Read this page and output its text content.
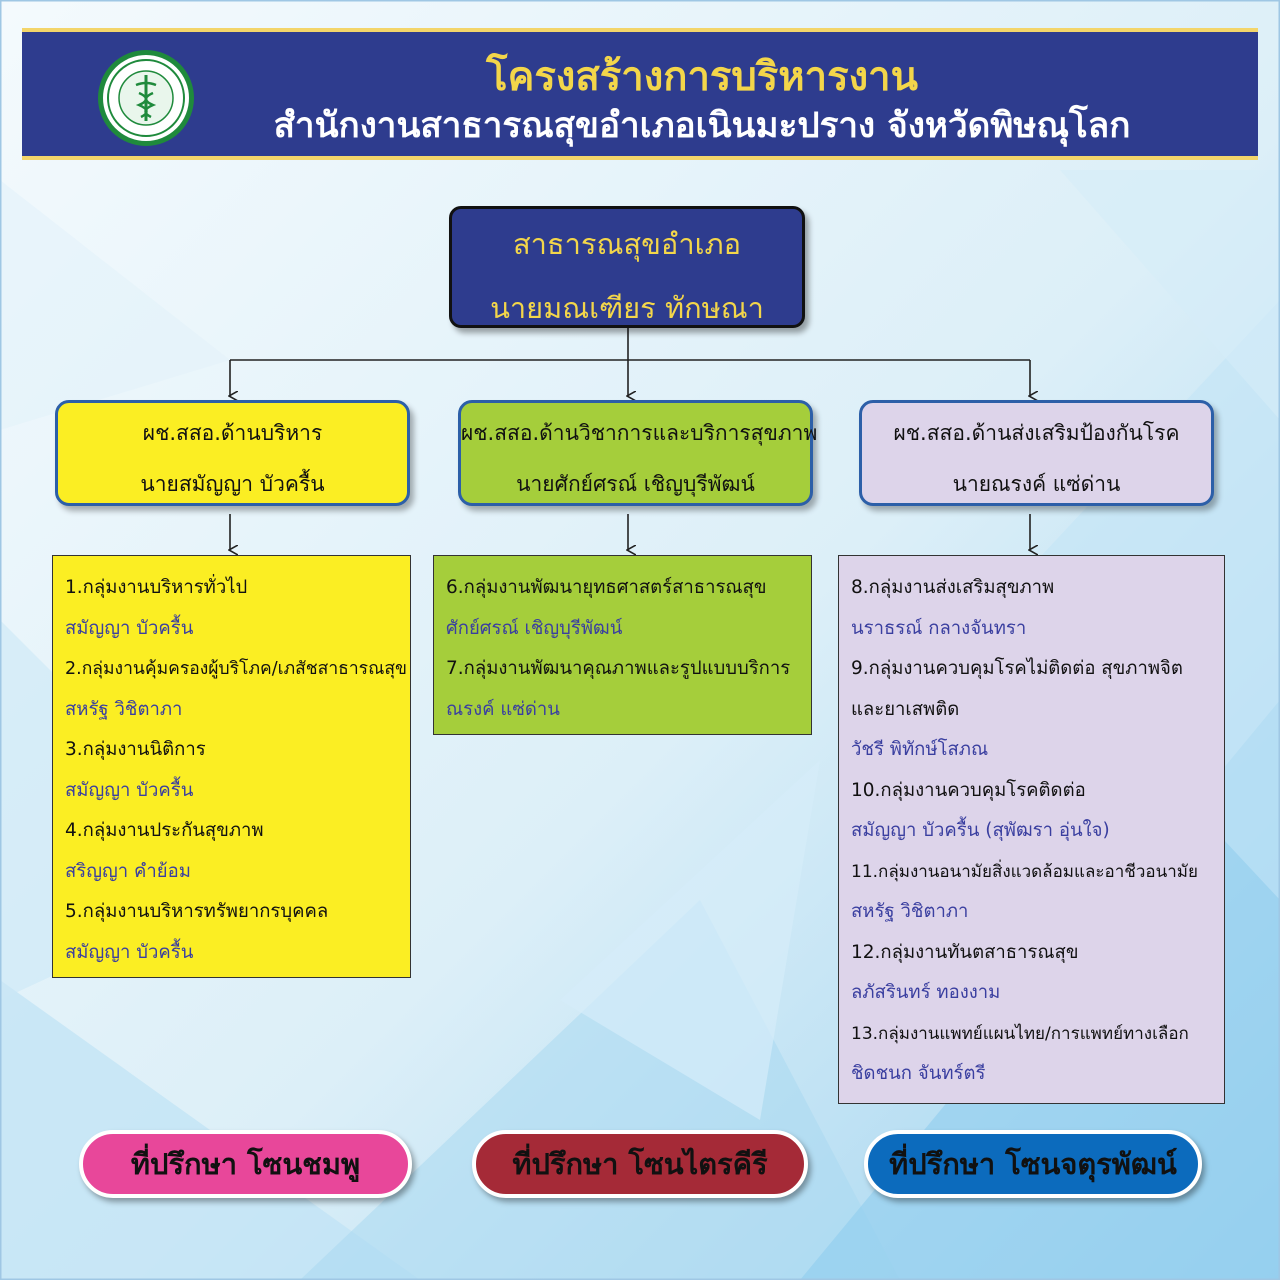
โครงสร้างการบริหารงาน
สำนักงานสาธารณสุขอำเภอเนินมะปราง จังหวัดพิษณุโลก
สาธารณสุขอำเภอ
นายมณเฑียร ทักษณา
ผช.สสอ.ด้านบริหาร
นายสมัญญา บัวครื้น
ผช.สสอ.ด้านวิชาการและบริการสุขภาพ
นายศักย์ศรณ์ เชิญบุรีพัฒน์
ผช.สสอ.ด้านส่งเสริมป้องกันโรค
นายณรงค์ แซ่ด่าน
1.กลุ่มงานบริหารทั่วไป
สมัญญา บัวครื้น
2.กลุ่มงานคุ้มครองผู้บริโภค/เภสัชสาธารณสุข
สหรัฐ วิชิตาภา
3.กลุ่มงานนิติการ
สมัญญา บัวครื้น
4.กลุ่มงานประกันสุขภาพ
สริญญา คำย้อม
5.กลุ่มงานบริหารทรัพยากรบุคคล
สมัญญา บัวครื้น
6.กลุ่มงานพัฒนายุทธศาสตร์สาธารณสุข
ศักย์ศรณ์ เชิญบุรีพัฒน์
7.กลุ่มงานพัฒนาคุณภาพและรูปแบบบริการ
ณรงค์ แซ่ด่าน
8.กลุ่มงานส่งเสริมสุขภาพ
นราธรณ์ กลางจันทรา
9.กลุ่มงานควบคุมโรคไม่ติดต่อ สุขภาพจิต
และยาเสพติด
วัชรี พิทักษ์โสภณ
10.กลุ่มงานควบคุมโรคติดต่อ
สมัญญา บัวครื้น (สุพัฒรา อุ่นใจ)
11.กลุ่มงานอนามัยสิ่งแวดล้อมและอาชีวอนามัย
สหรัฐ วิชิตาภา
12.กลุ่มงานทันตสาธารณสุข
ลภัสรินทร์ ทองงาม
13.กลุ่มงานแพทย์แผนไทย/การแพทย์ทางเลือก
ชิดชนก จันทร์ตรี
ที่ปรึกษา โซนชมพู	ที่ปรึกษา โซนไตรคีรี	ที่ปรึกษา โซนจตุรพัฒน์
